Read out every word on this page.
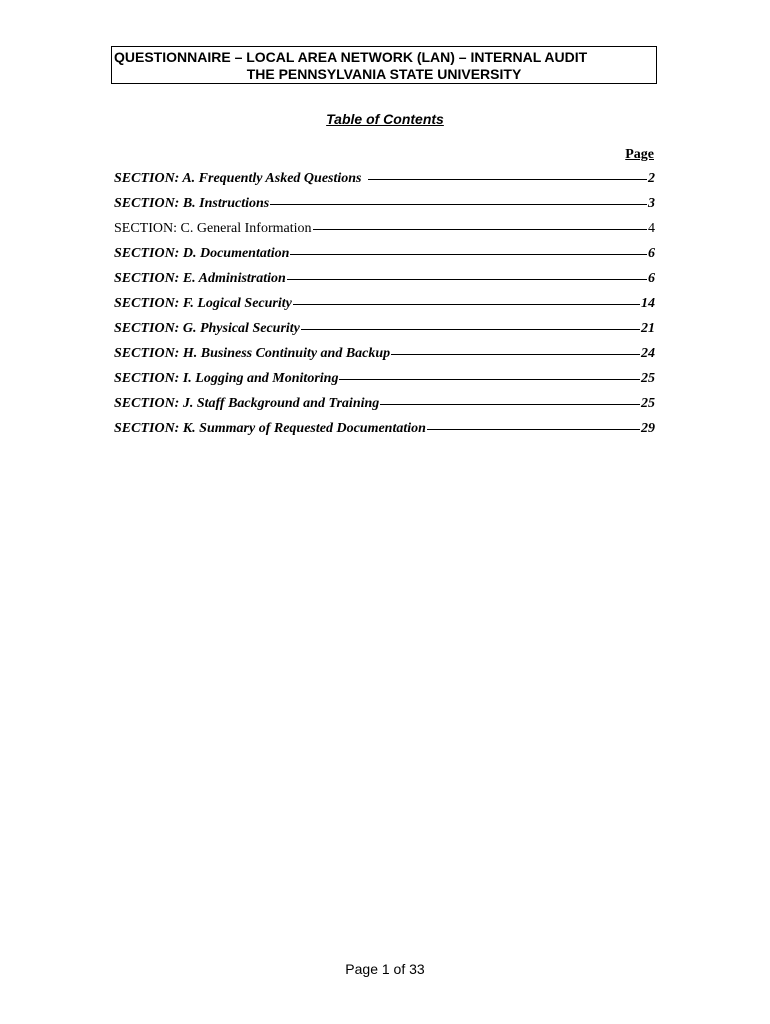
QUESTIONNAIRE – LOCAL AREA NETWORK (LAN) – INTERNAL AUDIT
THE PENNSYLVANIA STATE UNIVERSITY
Table of Contents
Page
SECTION: A. Frequently Asked Questions	2
SECTION: B. Instructions	3
SECTION: C. General Information	4
SECTION: D. Documentation	6
SECTION: E. Administration	6
SECTION: F. Logical Security	14
SECTION: G. Physical Security	21
SECTION: H. Business Continuity and Backup	24
SECTION: I. Logging and Monitoring	25
SECTION: J. Staff Background and Training	25
SECTION: K. Summary of Requested Documentation	29
Page 1 of 33
